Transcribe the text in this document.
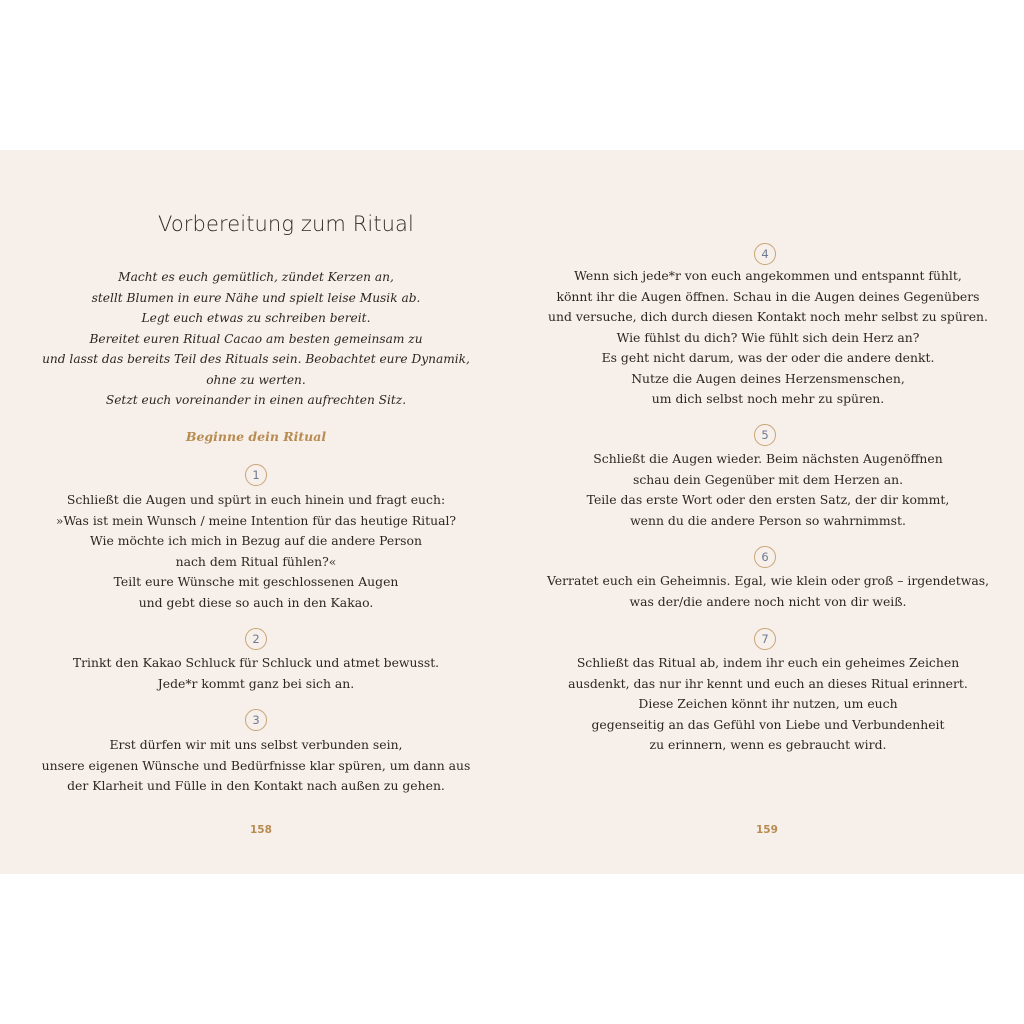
Vorbereitung zum Ritual
Macht es euch gemütlich, zündet Kerzen an,
stellt Blumen in eure Nähe und spielt leise Musik ab.
Legt euch etwas zu schreiben bereit.
Bereitet euren Ritual Cacao am besten gemeinsam zu
und lasst das bereits Teil des Rituals sein. Beobachtet eure Dynamik,
ohne zu werten.
Setzt euch voreinander in einen aufrechten Sitz.
Beginne dein Ritual
1
Schließt die Augen und spürt in euch hinein und fragt euch:
»Was ist mein Wunsch / meine Intention für das heutige Ritual?
Wie möchte ich mich in Bezug auf die andere Person
nach dem Ritual fühlen?«
Teilt eure Wünsche mit geschlossenen Augen
und gebt diese so auch in den Kakao.
2
Trinkt den Kakao Schluck für Schluck und atmet bewusst.
Jede*r kommt ganz bei sich an.
3
Erst dürfen wir mit uns selbst verbunden sein,
unsere eigenen Wünsche und Bedürfnisse klar spüren, um dann aus
der Klarheit und Fülle in den Kontakt nach außen zu gehen.
158
4
Wenn sich jede*r von euch angekommen und entspannt fühlt,
könnt ihr die Augen öffnen. Schau in die Augen deines Gegenübers
und versuche, dich durch diesen Kontakt noch mehr selbst zu spüren.
Wie fühlst du dich? Wie fühlt sich dein Herz an?
Es geht nicht darum, was der oder die andere denkt.
Nutze die Augen deines Herzensmenschen,
um dich selbst noch mehr zu spüren.
5
Schließt die Augen wieder. Beim nächsten Augenöffnen
schau dein Gegenüber mit dem Herzen an.
Teile das erste Wort oder den ersten Satz, der dir kommt,
wenn du die andere Person so wahrnimmst.
6
Verratet euch ein Geheimnis. Egal, wie klein oder groß – irgendetwas,
was der/die andere noch nicht von dir weiß.
7
Schließt das Ritual ab, indem ihr euch ein geheimes Zeichen
ausdenkt, das nur ihr kennt und euch an dieses Ritual erinnert.
Diese Zeichen könnt ihr nutzen, um euch
gegenseitig an das Gefühl von Liebe und Verbundenheit
zu erinnern, wenn es gebraucht wird.
159
